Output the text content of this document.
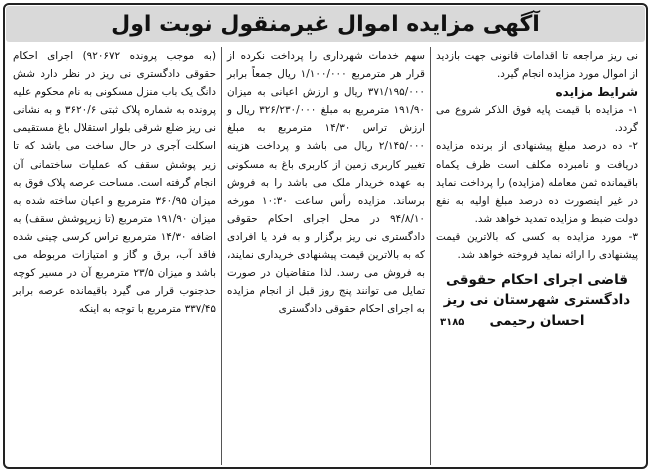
آگهی مزایده اموال غیرمنقول نوبت اول

(به موجب پرونده ۹۲۰۶۷۲) اجرای احکام حقوقی دادگستری نی ریز در نظر دارد شش دانگ یک باب منزل مسکونی به نام محکوم علیه پرونده به شماره پلاک ثبتی ۳۶۲۰/۶ و به نشانی نی ریز ضلع شرقی بلوار استقلال باغ مستقیمی اسکلت آجری در حال ساخت می باشد که تا زیر پوشش سقف که عملیات ساختمانی آن انجام گرفته است. مساحت عرصه پلاک فوق به میزان ۳۶۰/۹۵ مترمربع و اعیان ساخته شده به میزان ۱۹۱/۹۰ مترمربع (تا زیرپوشش سقف) به اضافه ۱۴/۳۰ مترمربع تراس کرسی چینی شده فاقد آب، برق و گاز و امتیازات مربوطه می باشد و میزان ۲۳/۵ مترمربع آن در مسیر کوچه حدجنوب قرار می گیرد باقیمانده عرصه برابر ۳۳۷/۴۵ مترمربع با توجه به اینکه

سهم خدمات شهرداری را پرداخت نکرده از قرار هر مترمربع ۱/۱۰۰/۰۰۰ ریال جمعاً برابر ۳۷۱/۱۹۵/۰۰۰ ریال و ارزش اعیانی به میزان ۱۹۱/۹۰ مترمربع به مبلغ ۳۲۶/۲۳۰/۰۰۰ ریال و ارزش تراس ۱۴/۳۰ مترمربع به مبلغ ۲/۱۴۵/۰۰۰ ریال می باشد و پرداخت هزینه تغییر کاربری زمین از کاربری باغ به مسکونی به عهده خریدار ملک می باشد را به فروش برساند. مزایده رأس ساعت ۱۰:۳۰ مورخه ۹۴/۸/۱۰ در محل اجرای احکام حقوقی دادگستری نی ریز برگزار و به فرد یا افرادی که به بالاترین قیمت پیشنهادی خریداری نمایند، به فروش می رسد. لذا متقاضیان در صورت تمایل می توانند پنج روز قبل از انجام مزایده به اجرای احکام حقوقی دادگستری

نی ریز مراجعه تا اقدامات قانونی جهت بازدید از اموال مورد مزایده انجام گیرد.

شرایط مزایده

۱- مزایده با قیمت پایه فوق الذکر شروع می گردد.

۲- ده درصد مبلغ پیشنهادی از برنده مزایده دریافت و نامبرده مکلف است ظرف یکماه باقیمانده ثمن معامله (مزایده) را پرداخت نماید در غیر اینصورت ده درصد مبلغ اولیه به نفع دولت ضبط و مزایده تمدید خواهد شد.

۳- مورد مزایده به کسی که بالاترین قیمت پیشنهادی را ارائه نماید فروخته خواهد شد.

قاضی اجرای احکام حقوقی
دادگستری شهرستان نی ریز
احسان رحیمی
۳۱۸۵
